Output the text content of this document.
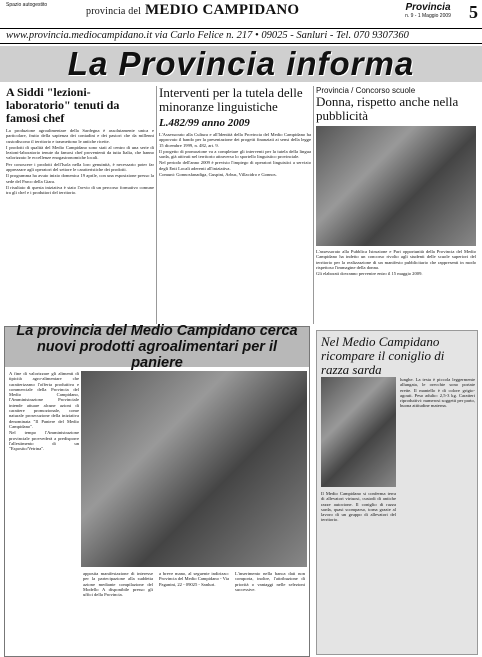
Spazio autogestito
provincia del MEDIO CAMPIDANO	Provincia
n. 9 - 1 Maggio 2009	5
www.provincia.mediocampidano.it via Carlo Felice n. 217 • 09025 - Sanluri - Tel. 070 9307360
La Provincia informa
A Siddi "lezioni- laboratorio" tenuti da famosi chef

La produzione agroalimentare della Sardegna è assolutamente unica e particolare, frutto della sapienza dei contadini e dei pastori che da millenni custodiscono il territorio e trasmettono le antiche ricette.

I prodotti di qualità del Medio Campidano sono stati al centro di una serie di lezioni-laboratorio tenute da famosi chef provenienti da tutta Italia, che hanno valorizzato le eccellenze enogastronomiche locali.

Per conoscere i prodotti dell'Isola nella loro genuinità, è necessario poter far apprezzare agli operatori del settore le caratteristiche dei prodotti.

Il programma ha avuto inizio domenica 19 aprile, con una esposizione presso la sede del Parco della Giara.

Il risultato di questa iniziativa è stato l'avvio di un percorso formativo comune tra gli chef e i produttori del territorio.

Interventi per la tutela delle minoranze linguistiche
L.482/99 anno 2009

L'Assessorato alla Cultura e all'Identità della Provincia del Medio Campidano ha approvato il bando per la presentazione dei progetti finanziati ai sensi della legge 15 dicembre 1999, n. 482, art. 9.

Il progetto di promozione va a completare gli interventi per la tutela della lingua sarda, già attivati nel territorio attraverso lo sportello linguistico provinciale.

Nel periodo dell'anno 2009 è previsto l'impiego di operatori linguistici a servizio degli Enti Locali aderenti all'iniziativa.

Comuni: Gonnosfanadiga, Guspini, Arbus, Villacidro e Gonnos.

Provincia / Concorso scuole
Donna, rispetto anche nella pubblicità

L'assessorato alla Pubblica Istruzione e Pari opportunità della Provincia del Medio Campidano ha indetto un concorso rivolto agli studenti delle scuole superiori del territorio per la realizzazione di un manifesto pubblicitario che rappresenti in modo rispettoso l'immagine della donna.

Gli elaborati dovranno pervenire entro il 15 maggio 2009.

La provincia del Medio Campidano cerca nuovi prodotti agroalimentari per il paniere

A fine di valorizzare gli alimenti di tipicità agro-alimentare che caratterizzano l'offerta produttiva e commerciale della Provincia del Medio Campidano, l'Amministrazione Provinciale intende attuare alcune azioni di carattere promozionale, come naturale prosecuzione della iniziativa denominata "Il Paniere del Medio Campidano".

Nel tempo l'Amministrazione provinciale provvederà a predisporre l'allestimento di un "Esposito/Vetrina".

apposita manifestazione di interesse per la partecipazione alla suddetta azione mediante compilazione del Modello A disponibile presso gli uffici della Provincia.
a breve mano, al seguente indirizzo: Provincia del Medio Campidano - Via Paganini, 22 - 09025 - Sanluri.
L'inserimento nella banca dati non comporta, inoltre, l'attribuzione di priorità o vantaggi nelle selezioni successive.
Nel Medio Campidano ricompare il coniglio di razza sarda
Il Medio Campidano si conferma terra di allevatori virtuosi, custodi di antiche razze autoctone. Il coniglio di razza sarda, quasi scomparso, torna grazie al lavoro di un gruppo di allevatori del territorio.
lunghe. La testa è piccola leggermente allungata, le orecchie sono portate erette. Il mantello è di colore grigio-agouti. Peso adulto: 2,5-3 kg. Caratteri riproduttivi: numerosi soggetti per parto, buona attitudine materna.
